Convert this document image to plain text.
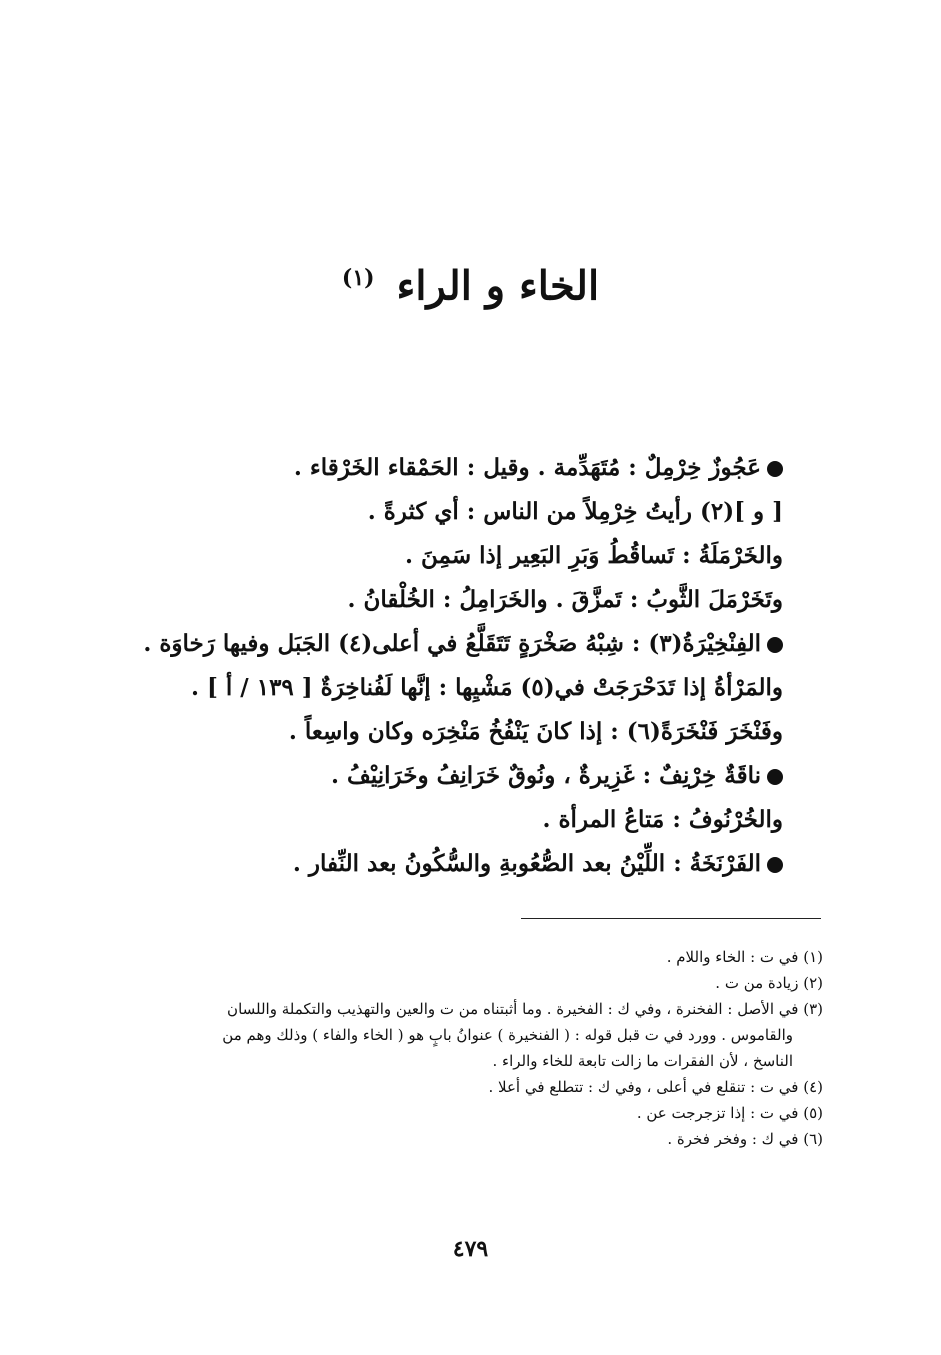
الخاء و الراء $^{(١)}$
عَجُوزٌ خِرْمِلٌ : مُتَهَدِّمة . وقيل : الحَمْقاء الخَرْقاء .
[ و ](٢) رأيتُ خِرْمِلاً من الناس : أي كثرةً .
والخَرْمَلَةُ : تَساقُطُ وَبَرِ البَعِير إذا سَمِنَ .
وتَخَرْمَلَ الثَّوبُ : تَمزَّقَ . والخَرَامِلُ : الخُلْقانُ .
الفِنْخِيْرَةُ(٣) : شِبْهُ صَخْرَةٍ تَتَقَلَّعُ في أعلى(٤) الجَبَل وفيها رَخاوَة .
والمَرْأةُ إذا تَدَحْرَجَتْ في(٥) مَشْيِها : إنَّها لَفُناخِرَةٌ [ ١٣٩ / أ ] .
وفَنْخَرَ فَنْخَرَةً(٦) : إذا كانَ يَنْفُخُ مَنْخِرَه وكان واسِعاً .
ناقَةٌ خِرْنِفٌ : غَزِيرةٌ ، ونُوقٌ خَرَانِفُ وخَرَانِيْفُ .
والخُرْنُوفُ : مَتاعُ المرأة .
الفَرْنَخَةُ : اللِّيْنُ بعد الصُّعُوبةِ والسُّكُونُ بعد النِّفار .
(١) في ت : الخاء واللام .
(٢) زيادة من ت .
(٣) في الأصل : الفخنرة ، وفي ك : الفخيرة . وما أثبتناه من ت والعين والتهذيب والتكملة واللسان
والقاموس . وورد في ت قبل قوله : ( الفنخيرة ) عنوانُ بابٍ هو ( الخاء والفاء ) وذلك وهم من
الناسخ ، لأن الفقرات ما زالت تابعة للخاء والراء .
(٤) في ت : تنقلع في أعلى ، وفي ك : تتطلع في أعلا .
(٥) في ت : إذا تزجرجت عن .
(٦) في ك : وفخر فخرة .
٤٧٩
